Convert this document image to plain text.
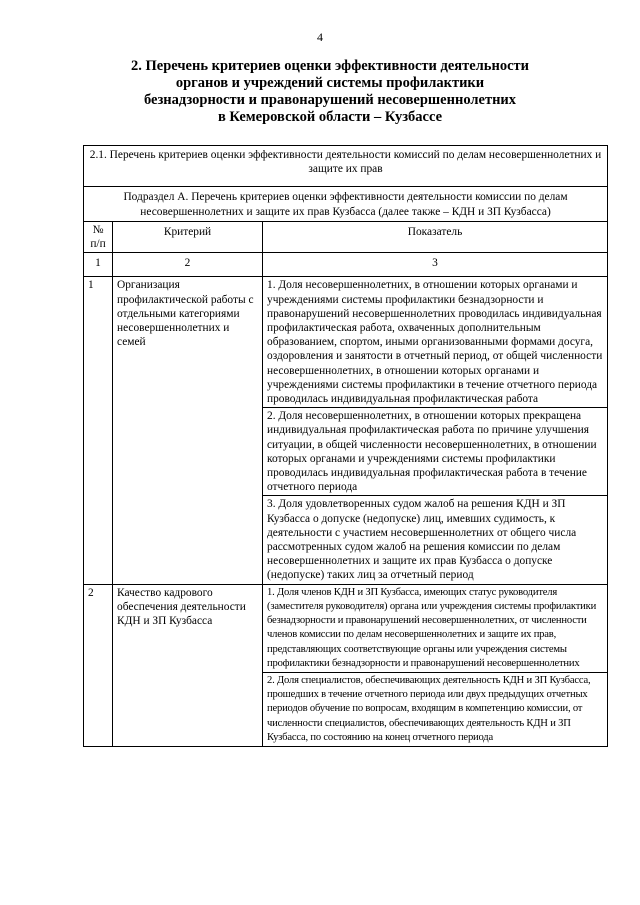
4
2. Перечень критериев оценки эффективности деятельности
органов и учреждений системы профилактики
безнадзорности и правонарушений несовершеннолетних
в Кемеровской области – Кузбассе
2.1. Перечень критериев оценки эффективности деятельности комиссий по делам несовершеннолетних и защите их прав		
Подраздел А. Перечень критериев оценки эффективности деятельности комиссии по делам несовершеннолетних и защите их прав Кузбасса (далее также – КДН и ЗП Кузбасса)		
№ п/п	Критерий	Показатель
1	2	3
1	Организация профилактической работы с отдельными категориями несовершеннолетних и семей	1. Доля несовершеннолетних, в отношении которых органами и учреждениями системы профилактики безнадзорности и правонарушений несовершеннолетних проводилась индивидуальная профилактическая работа, охваченных дополнительным образованием, спортом, иными организованными формами досуга, оздоровления и занятости в отчетный период, от общей численности несовершеннолетних, в отношении которых органами и учреждениями системы профилактики в течение отчетного периода проводилась индивидуальная профилактическая работа
		2. Доля несовершеннолетних, в отношении которых прекращена индивидуальная профилактическая работа по причине улучшения ситуации, в общей численности несовершеннолетних, в отношении которых органами и учреждениями системы профилактики проводилась индивидуальная профилактическая работа в течение отчетного периода
		3. Доля удовлетворенных судом жалоб на решения КДН и ЗП Кузбасса о допуске (недопуске) лиц, имевших судимость, к деятельности с участием несовершеннолетних от общего числа рассмотренных судом жалоб на решения комиссии по делам несовершеннолетних и защите их прав Кузбасса о допуске (недопуске) таких лиц за отчетный период
2	Качество кадрового обеспечения деятельности КДН и ЗП Кузбасса	1. Доля членов КДН и ЗП Кузбасса, имеющих статус руководителя (заместителя руководителя) органа или учреждения системы профилактики безнадзорности и правонарушений несовершеннолетних, от численности членов комиссии по делам несовершеннолетних и защите их прав, представляющих соответствующие органы или учреждения системы профилактики безнадзорности и правонарушений несовершеннолетних
		2. Доля специалистов, обеспечивающих деятельность КДН и ЗП Кузбасса, прошедших в течение отчетного периода или двух предыдущих отчетных периодов обучение по вопросам, входящим в компетенцию комиссии, от численности специалистов, обеспечивающих деятельность КДН и ЗП Кузбасса, по состоянию на конец отчетного периода
